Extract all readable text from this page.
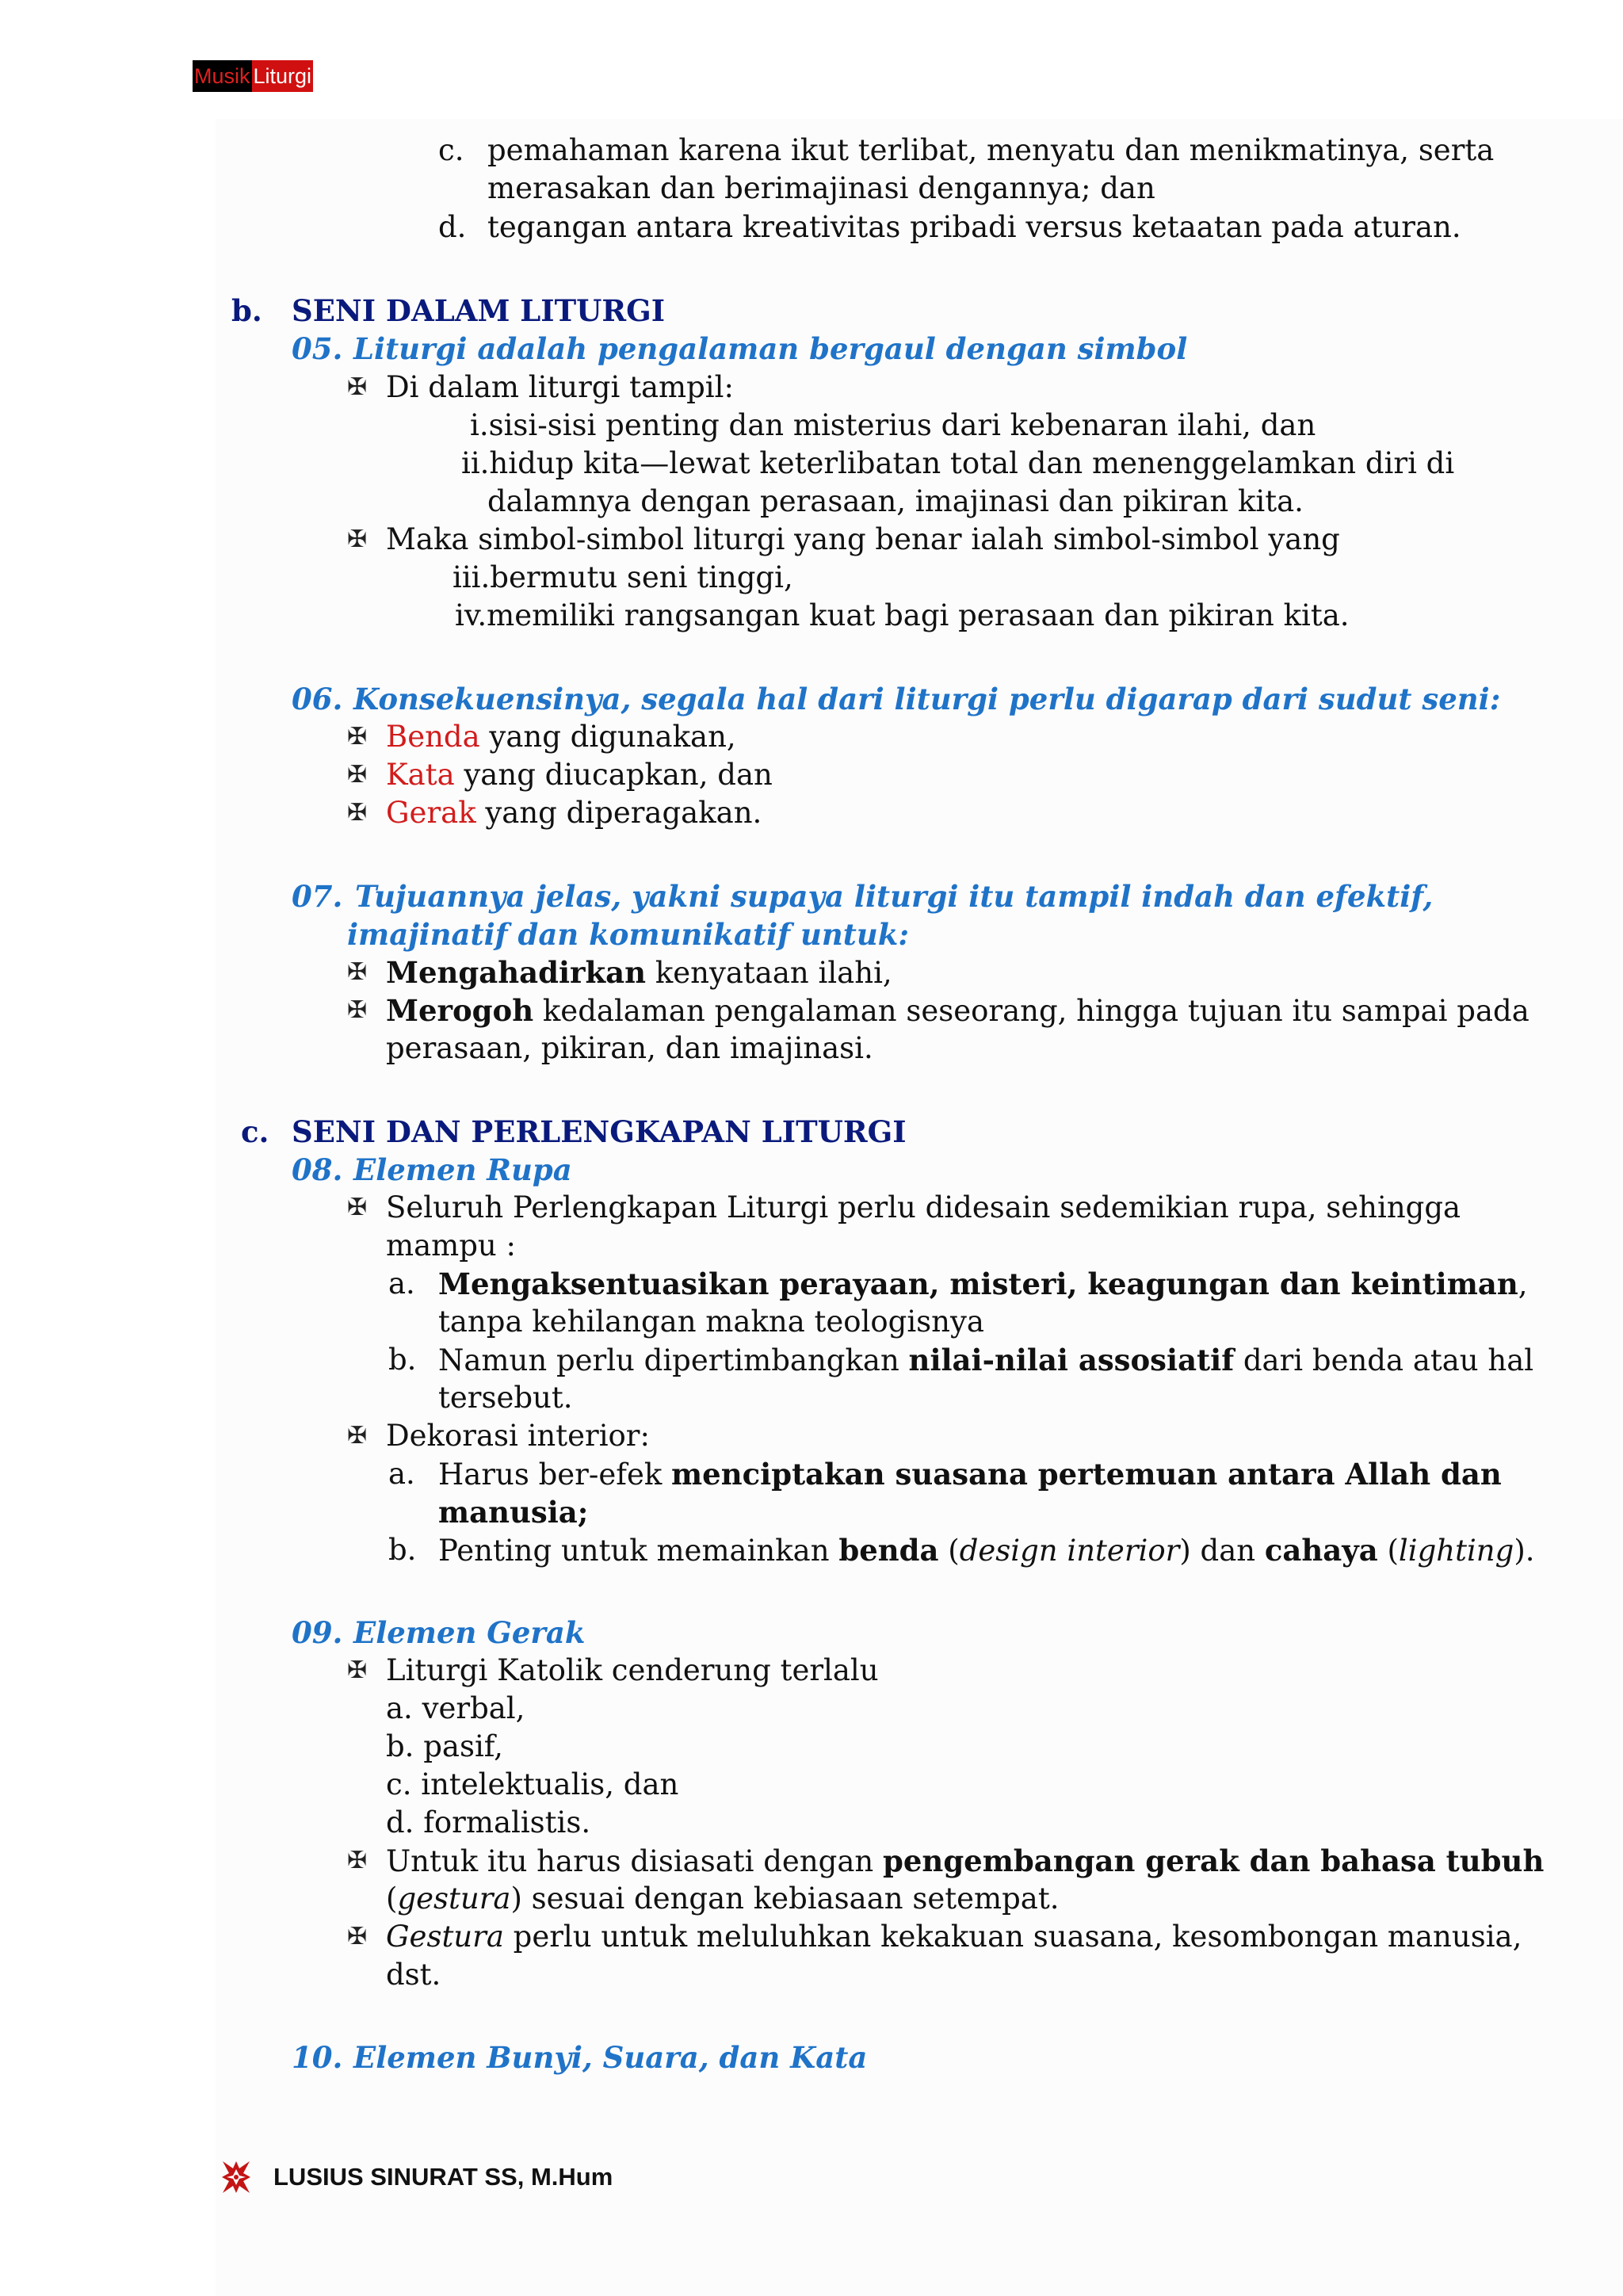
Musik Liturgi
c. pemahaman karena ikut terlibat, menyatu dan menikmatinya, serta
merasakan dan berimajinasi dengannya; dan
d. tegangan antara kreativitas pribadi versus ketaatan pada aturan.
b. SENI DALAM LITURGI
05. Liturgi adalah pengalaman bergaul dengan simbol
✠ Di dalam liturgi tampil:
i.sisi-sisi penting dan misterius dari kebenaran ilahi, dan
ii.hidup kita—lewat keterlibatan total dan menenggelamkan diri di
dalamnya dengan perasaan, imajinasi dan pikiran kita.
✠ Maka simbol-simbol liturgi yang benar ialah simbol-simbol yang
iii.bermutu seni tinggi,
iv.memiliki rangsangan kuat bagi perasaan dan pikiran kita.
06. Konsekuensinya, segala hal dari liturgi perlu digarap dari sudut seni:
✠ Benda yang digunakan,
✠ Kata yang diucapkan, dan
✠ Gerak yang diperagakan.
07. Tujuannya jelas, yakni supaya liturgi itu tampil indah dan efektif,
imajinatif dan komunikatif untuk:
✠ Mengahadirkan kenyataan ilahi,
✠ Merogoh kedalaman pengalaman seseorang, hingga tujuan itu sampai pada
perasaan, pikiran, dan imajinasi.
c. SENI DAN PERLENGKAPAN LITURGI
08. Elemen Rupa
✠ Seluruh Perlengkapan Liturgi perlu didesain sedemikian rupa, sehingga
mampu :
a. Mengaksentuasikan perayaan, misteri, keagungan dan keintiman,
tanpa kehilangan makna teologisnya
b. Namun perlu dipertimbangkan nilai-nilai assosiatif dari benda atau hal
tersebut.
✠ Dekorasi interior:
a. Harus ber-efek menciptakan suasana pertemuan antara Allah dan
manusia;
b. Penting untuk memainkan benda (design interior) dan cahaya (lighting).
09. Elemen Gerak
✠ Liturgi Katolik cenderung terlalu
a. verbal,
b. pasif,
c. intelektualis, dan
d. formalistis.
✠ Untuk itu harus disiasati dengan pengembangan gerak dan bahasa tubuh
(gestura) sesuai dengan kebiasaan setempat.
✠ Gestura perlu untuk meluluhkan kekakuan suasana, kesombongan manusia,
dst.
10. Elemen Bunyi, Suara, dan Kata
LUSIUS SINURAT SS, M.Hum
